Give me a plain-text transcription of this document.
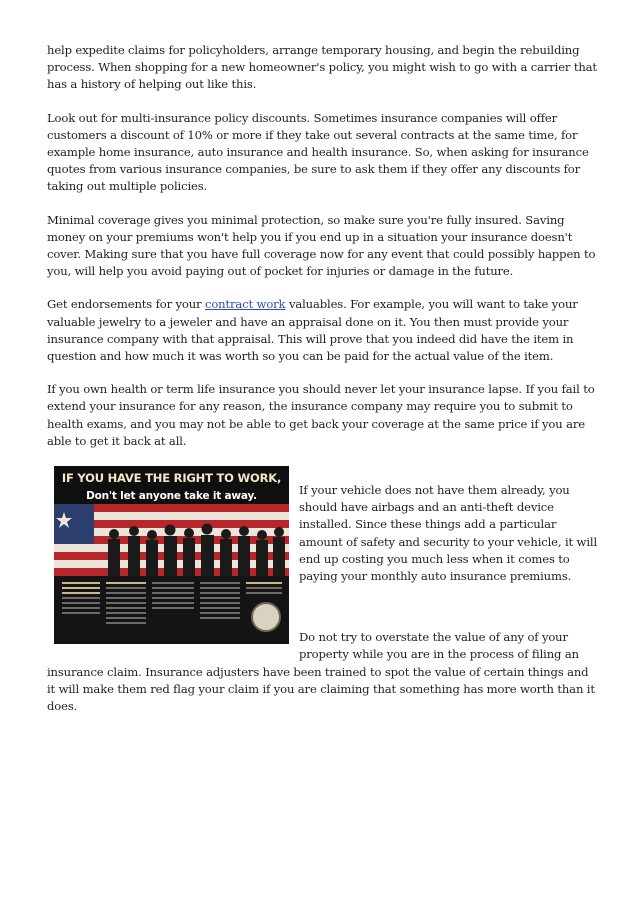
help expedite claims for policyholders, arrange temporary housing, and begin the rebuilding process. When shopping for a new homeowner's policy, you might wish to go with a carrier that has a history of helping out like this.

Look out for multi-insurance policy discounts. Sometimes insurance companies will offer customers a discount of 10% or more if they take out several contracts at the same time, for example home insurance, auto insurance and health insurance. So, when asking for insurance quotes from various insurance companies, be sure to ask them if they offer any discounts for taking out multiple policies.

Minimal coverage gives you minimal protection, so make sure you're fully insured. Saving money on your premiums won't help you if you end up in a situation your insurance doesn't cover. Making sure that you have full coverage now for any event that could possibly happen to you, will help you avoid paying out of pocket for injuries or damage in the future.

Get endorsements for your contract work valuables. For example, you will want to take your valuable jewelry to a jeweler and have an appraisal done on it. You then must provide your insurance company with that appraisal. This will prove that you indeed did have the item in question and how much it was worth so you can be paid for the actual value of the item.

If you own health or term life insurance you should never let your insurance lapse. If you fail to extend your insurance for any reason, the insurance company may require you to submit to health exams, and you may not be able to get back your coverage at the same price if you are able to get it back at all.

IF YOU HAVE THE RIGHT TO WORK,
Don't let anyone take it away.	If your vehicle does not have them already, you should have airbags and an anti-theft device installed. Since these things add a particular amount of safety and security to your vehicle, it will end up costing you much less when it comes to paying your monthly auto insurance premiums.

Do not try to overstate the value of any of your property while you are in the process of filing an insurance claim. Insurance adjusters have been trained to spot the value of certain things and it will make them red flag your claim if you are claiming that something has more worth than it does.
